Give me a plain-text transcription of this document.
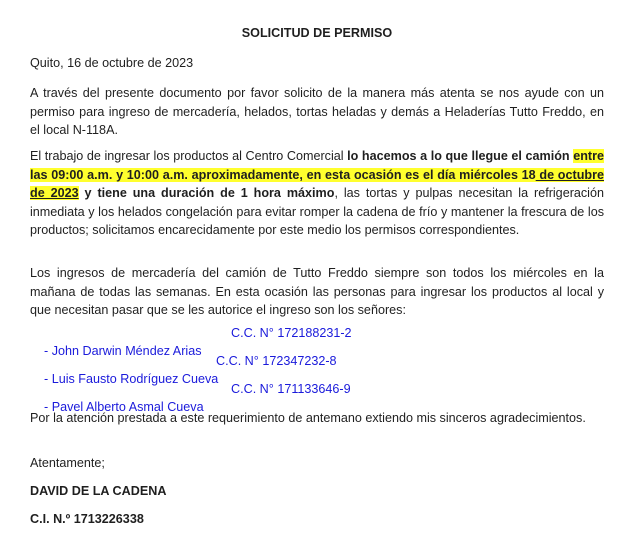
SOLICITUD DE PERMISO
Quito, 16 de octubre de 2023
A través del presente documento por favor solicito de la manera más atenta se nos ayude con un permiso para ingreso de mercadería, helados, tortas heladas y demás a Heladerías Tutto Freddo, en el local N-118A.
El trabajo de ingresar los productos al Centro Comercial lo hacemos a lo que llegue el camión entre las 09:00 a.m. y 10:00 a.m. aproximadamente, en esta ocasión es el día miércoles 18 de octubre de 2023 y tiene una duración de 1 hora máximo, las tortas y pulpas necesitan la refrigeración inmediata y los helados congelación para evitar romper la cadena de frío y mantener la frescura de los productos; solicitamos encarecidamente por este medio los permisos correspondientes.
Los ingresos de mercadería del camión de Tutto Freddo siempre son todos los miércoles en la mañana de todas las semanas. En esta ocasión las personas para ingresar los productos al local y que necesitan pasar que se les autorice el ingreso son los señores:

- John Darwin Méndez Arias

C.C. N° 172188231-2

- Luis Fausto Rodríguez Cueva

C.C. N° 172347232-8

- Pavel Alberto Asmal Cueva

C.C. N° 171133646-9

Por la atención prestada a este requerimiento de antemano extiendo mis sinceros agradecimientos.
Atentamente;
DAVID DE LA CADENA
C.I. N.º 1713226338
